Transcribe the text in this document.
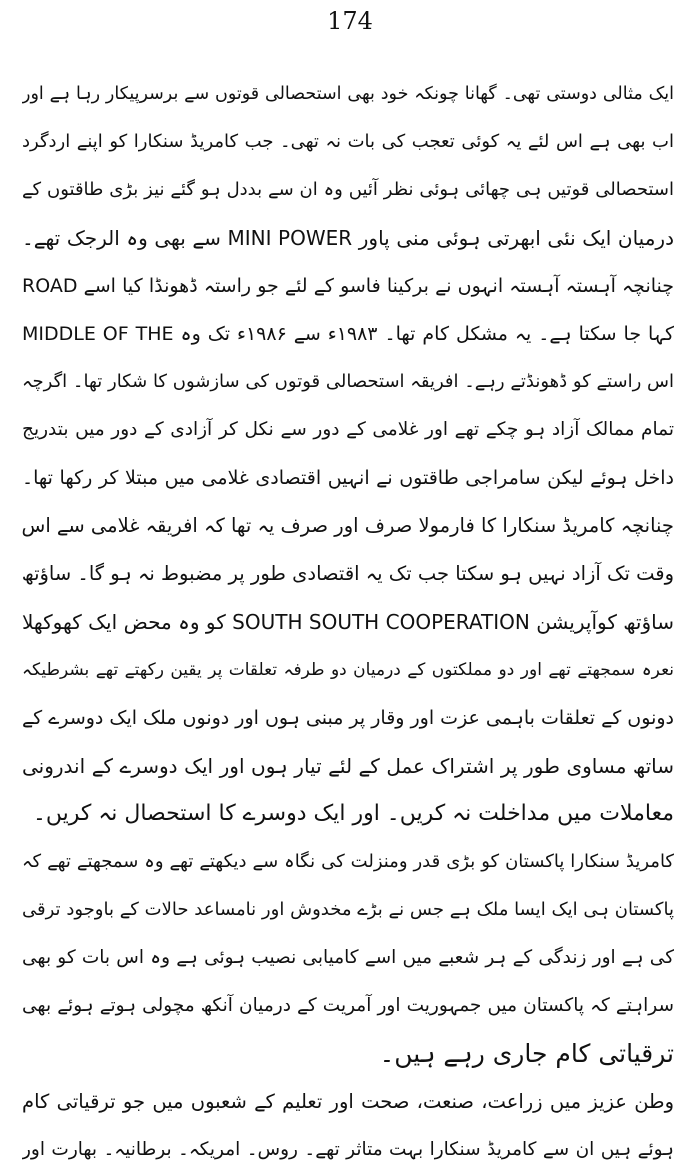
174
ایک مثالی دوستی تھی۔ گھانا چونکہ خود بھی استحصالی قوتوں سے برسرپیکار رہا ہے اور
اب بھی ہے اس لئے یہ کوئی تعجب کی بات نہ تھی۔ جب کامریڈ سنکارا کو اپنے اردگرد
استحصالی قوتیں ہی چھائی ہوئی نظر آئیں وہ ان سے بددل ہو گئے نیز بڑی طاقتوں کے
درمیان ایک نئی ابھرتی ہوئی منی پاور MINI POWER سے بھی وہ الرجک تھے۔
چنانچہ آہستہ آہستہ انہوں نے برکینا فاسو کے لئے جو راستہ ڈھونڈا کیا اسے ROAD
MIDDLE OF THE کہا جا سکتا ہے۔ یہ مشکل کام تھا۔ ۱۹۸۳ء سے ۱۹۸۶ء تک وہ
اس راستے کو ڈھونڈتے رہے۔ افریقہ استحصالی قوتوں کی سازشوں کا شکار تھا۔ اگرچہ
تمام ممالک آزاد ہو چکے تھے اور غلامی کے دور سے نکل کر آزادی کے دور میں بتدریج
داخل ہوئے لیکن سامراجی طاقتوں نے انہیں اقتصادی غلامی میں مبتلا کر رکھا تھا۔
چنانچہ کامریڈ سنکارا کا فارمولا صرف اور صرف یہ تھا کہ افریقہ غلامی سے اس
وقت تک آزاد نہیں ہو سکتا جب تک یہ اقتصادی طور پر مضبوط نہ ہو گا۔ ساؤتھ
ساؤتھ کوآپریشن SOUTH SOUTH COOPERATION کو وہ محض ایک کھوکھلا
نعرہ سمجھتے تھے اور دو مملکتوں کے درمیان دو طرفہ تعلقات پر یقین رکھتے تھے بشرطیکہ
دونوں کے تعلقات باہمی عزت اور وقار پر مبنی ہوں اور دونوں ملک ایک دوسرے کے
ساتھ مساوی طور پر اشتراک عمل کے لئے تیار ہوں اور ایک دوسرے کے اندرونی
معاملات میں مداخلت نہ کریں۔ اور ایک دوسرے کا استحصال نہ کریں۔
کامریڈ سنکارا پاکستان کو بڑی قدر ومنزلت کی نگاہ سے دیکھتے تھے وہ سمجھتے تھے کہ
پاکستان ہی ایک ایسا ملک ہے جس نے بڑے مخدوش اور نامساعد حالات کے باوجود ترقی
کی ہے اور زندگی کے ہر شعبے میں اسے کامیابی نصیب ہوئی ہے وہ اس بات کو بھی
سراہتے کہ پاکستان میں جمہوریت اور آمریت کے درمیان آنکھ مچولی ہوتے ہوئے بھی
ترقیاتی کام جاری رہے ہیں۔
وطن عزیز میں زراعت، صنعت، صحت اور تعلیم کے شعبوں میں جو ترقیاتی کام
ہوئے ہیں ان سے کامریڈ سنکارا بہت متاثر تھے۔ روس۔ امریکہ۔ برطانیہ۔ بھارت اور
